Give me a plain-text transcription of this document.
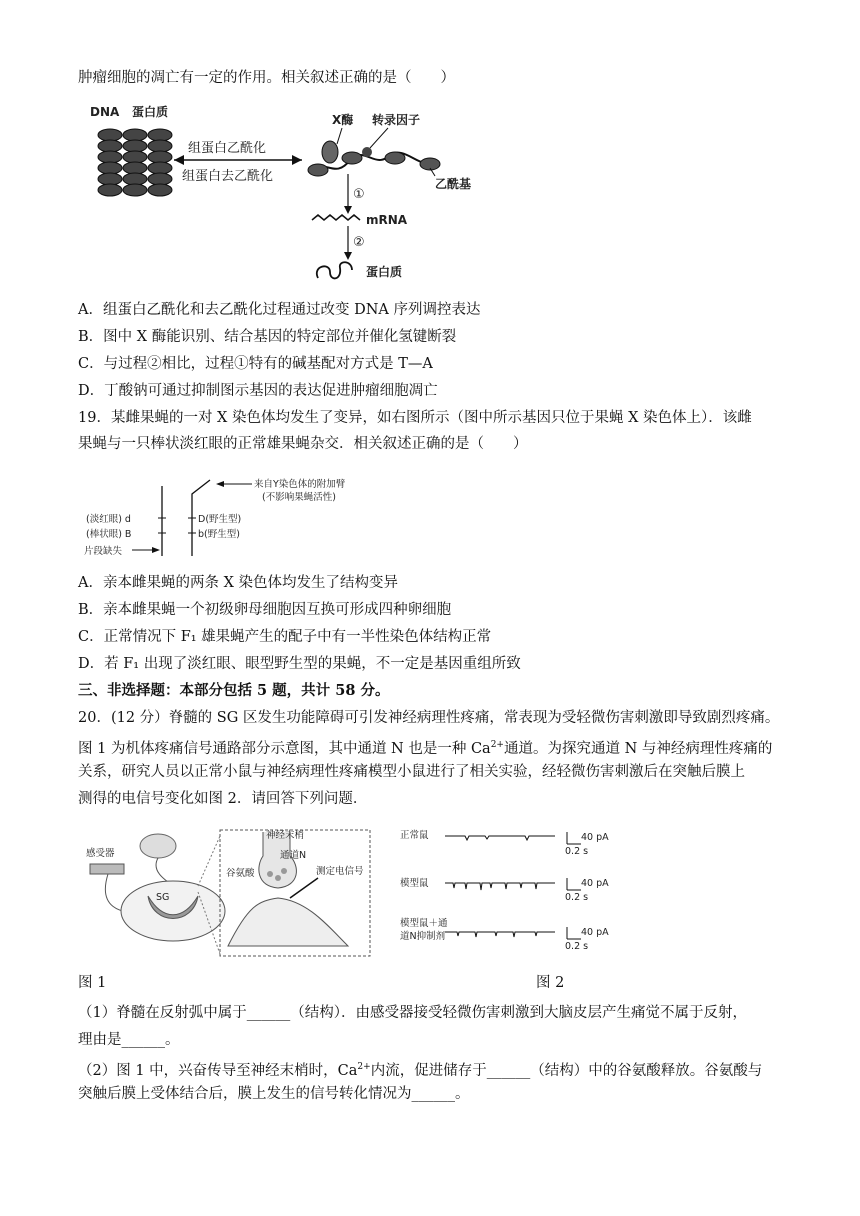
肿瘤细胞的凋亡有一定的作用。相关叙述正确的是（　　）
DNA 蛋白质
组蛋白乙酰化
组蛋白去乙酰化
X酶 转录因子
乙酰基
①
mRNA
②
蛋白质
A．组蛋白乙酰化和去乙酰化过程通过改变 DNA 序列调控表达
B．图中 X 酶能识别、结合基因的特定部位并催化氢键断裂
C．与过程②相比，过程①特有的碱基配对方式是 T—A
D．丁酸钠可通过抑制图示基因的表达促进肿瘤细胞凋亡
19．某雌果蝇的一对 X 染色体均发生了变异，如右图所示（图中所示基因只位于果蝇 X 染色体上）．该雌
果蝇与一只棒状淡红眼的正常雄果蝇杂交．相关叙述正确的是（　　）
(淡红眼) d
(棒状眼) B
片段缺失
D(野生型)
b(野生型)
来自Y染色体的附加臂
(不影响果蝇活性)
A．亲本雌果蝇的两条 X 染色体均发生了结构变异
B．亲本雌果蝇一个初级卵母细胞因互换可形成四种卵细胞
C．正常情况下 F₁ 雄果蝇产生的配子中有一半性染色体结构正常
D．若 F₁ 出现了淡红眼、眼型野生型的果蝇，不一定是基因重组所致
三、非选择题：本部分包括 5 题，共计 58 分。
20．(12 分）脊髓的 SG 区发生功能障碍可引发神经病理性疼痛，常表现为受轻微伤害刺激即导致剧烈疼痛。
图 1 为机体疼痛信号通路部分示意图，其中通道 N 也是一种 $Ca^{2+}$通道。为探究通道 N 与神经病理性疼痛的
关系，研究人员以正常小鼠与神经病理性疼痛模型小鼠进行了相关实验，经轻微伤害刺激后在突触后膜上
测得的电信号变化如图 2．请回答下列问题．
感受器
SG
神经末梢
通道N
谷氨酸	测定电信号
正常鼠	40 pA
0.2 s
模型鼠	40 pA
0.2 s
模型鼠＋通
道N抑制剂	40 pA
0.2 s
图 1	图 2
（1）脊髓在反射弧中属于______（结构）．由感受器接受轻微伤害刺激到大脑皮层产生痛觉不属于反射，
理由是______。
（2）图 1 中，兴奋传导至神经末梢时，$Ca^{2+}$内流，促进储存于______（结构）中的谷氨酸释放。谷氨酸与
突触后膜上受体结合后，膜上发生的信号转化情况为______。
